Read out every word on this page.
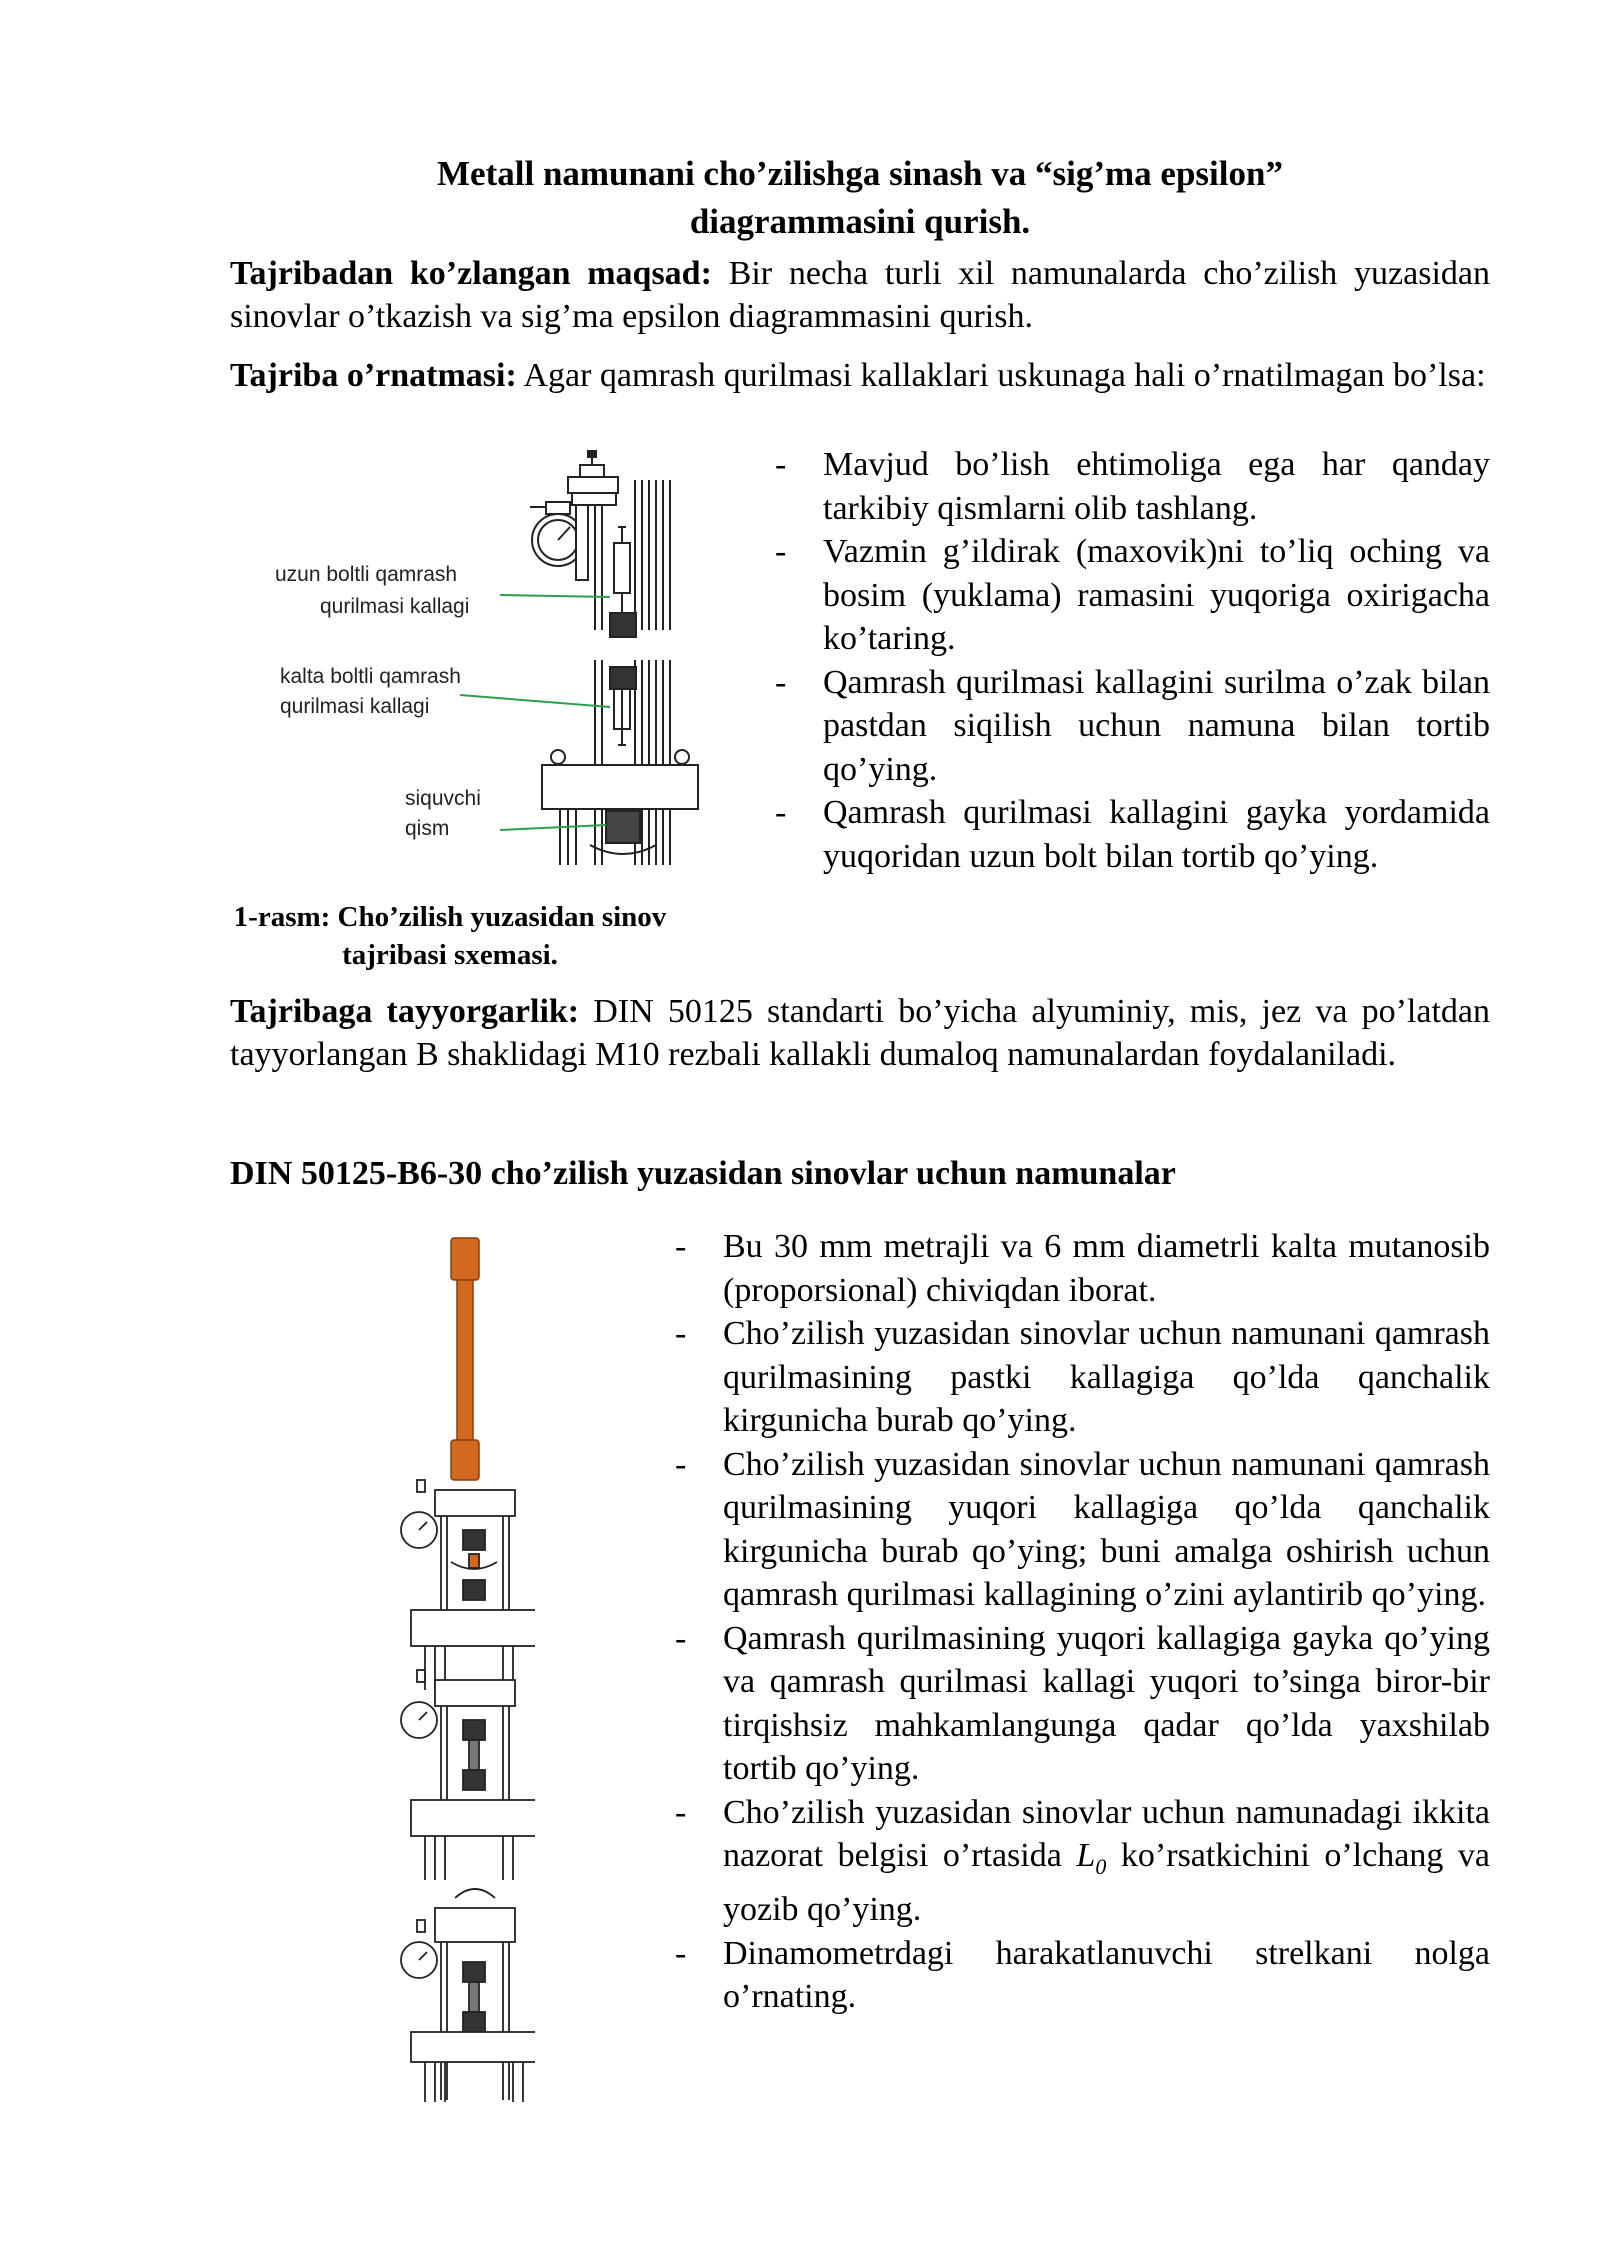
Metall namunani cho’zilishga sinash va “sig’ma epsilon”
diagrammasini qurish.
Tajribadan ko’zlangan maqsad: Bir necha turli xil namunalarda cho’zilish yuzasidan sinovlar o’tkazish va sig’ma epsilon diagrammasini qurish.
Tajriba o’rnatmasi: Agar qamrash qurilmasi kallaklari uskunaga hali o’rnatilmagan bo’lsa:
uzun boltli qamrash
qurilmasi kallagi
kalta boltli qamrash
qurilmasi kallagi
siquvchi
qism
- Mavjud bo’lish ehtimoliga ega har qanday tarkibiy qismlarni olib tashlang.
- Vazmin g’ildirak (maxovik)ni to’liq oching va bosim (yuklama) ramasini yuqoriga oxirigacha ko’taring.
- Qamrash qurilmasi kallagini surilma o’zak bilan pastdan siqilish uchun namuna bilan tortib qo’ying.
- Qamrash qurilmasi kallagini gayka yordamida yuqoridan uzun bolt bilan tortib qo’ying.
1-rasm: Cho’zilish yuzasidan sinov
tajribasi sxemasi.
Tajribaga tayyorgarlik: DIN 50125 standarti bo’yicha alyuminiy, mis, jez va po’latdan tayyorlangan B shaklidagi M10 rezbali kallakli dumaloq namunalardan foydalaniladi.
DIN 50125-B6-30 cho’zilish yuzasidan sinovlar uchun namunalar
- Bu 30 mm metrajli va 6 mm diametrli kalta mutanosib (proporsional) chiviqdan iborat.
- Cho’zilish yuzasidan sinovlar uchun namunani qamrash qurilmasining pastki kallagiga qo’lda qanchalik kirgunicha burab qo’ying.
- Cho’zilish yuzasidan sinovlar uchun namunani qamrash qurilmasining yuqori kallagiga qo’lda qanchalik kirgunicha burab qo’ying; buni amalga oshirish uchun qamrash qurilmasi kallagining o’zini aylantirib qo’ying.
- Qamrash qurilmasining yuqori kallagiga gayka qo’ying va qamrash qurilmasi kallagi yuqori to’singa biror-bir tirqishsiz mahkamlangunga qadar qo’lda yaxshilab tortib qo’ying.
- Cho’zilish yuzasidan sinovlar uchun namunadagi ikkita nazorat belgisi o’rtasida $L_0$ ko’rsatkichini o’lchang va yozib qo’ying.
- Dinamometrdagi harakatlanuvchi strelkani nolga o’rnating.
